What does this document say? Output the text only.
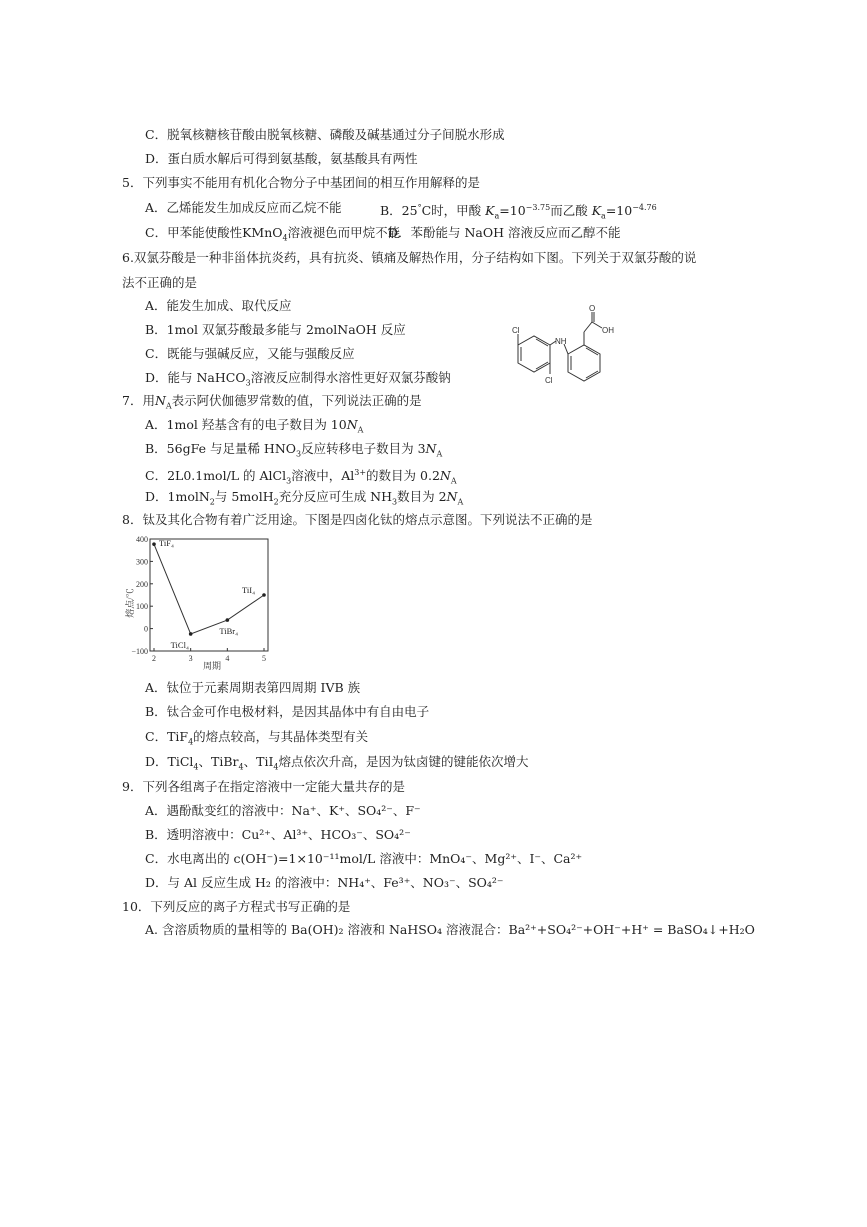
C．脱氧核糖核苷酸由脱氧核糖、磷酸及碱基通过分子间脱水形成
D．蛋白质水解后可得到氨基酸，氨基酸具有两性
5．下列事实不能用有机化合物分子中基团间的相互作用解释的是
A．乙烯能发生加成反应而乙烷不能	B．25°C时，甲酸 $K_a=10^{-3.75}$而乙酸 $K_a=10^{-4.76}$
C．甲苯能使酸性KMnO$_4$溶液褪色而甲烷不能
D．苯酚能与 NaOH 溶液反应而乙醇不能
6.双氯芬酸是一种非甾体抗炎药，具有抗炎、镇痛及解热作用，分子结构如下图。下列关于双氯芬酸的说
法不正确的是
A．能发生加成、取代反应
B．1mol 双氯芬酸最多能与 2molNaOH 反应
C．既能与强碱反应，又能与强酸反应
D．能与 NaHCO$_3$溶液反应制得水溶性更好双氯芬酸钠
Cl
Cl
NH
O
OH
7．用$N_A$表示阿伏伽德罗常数的值，下列说法正确的是
A．1mol 羟基含有的电子数目为 $10N_A$
B．56gFe 与足量稀 $HNO_3$反应转移电子数目为 $3N_A$
C．2L0.1mol/L 的 AlCl$_3$溶液中，$Al^{3+}$的数目为 $0.2N_A$
D．1molN$_2$与 5molH$_2$充分反应可生成 $NH_3$数目为 $2N_A$
8．钛及其化合物有着广泛用途。下图是四卤化钛的熔点示意图。下列说法不正确的是
400
300
200
100
0
−100
2	3	4	5
TiF₄
TiCl₄
TiBr₄
TiI₄
熔点/℃
周期
A．钛位于元素周期表第四周期 IVB 族
B．钛合金可作电极材料，是因其晶体中有自由电子
C．TiF$_4$的熔点较高，与其晶体类型有关
D．TiCl$_4$、TiBr$_4$、TiI$_4$熔点依次升高，是因为钛卤键的键能依次增大
9．下列各组离子在指定溶液中一定能大量共存的是
A．遇酚酞变红的溶液中：Na⁺、K⁺、SO₄²⁻、F⁻
B．透明溶液中：Cu²⁺、Al³⁺、HCO₃⁻、SO₄²⁻
C．水电离出的 c(OH⁻)=1×10⁻¹¹mol/L 溶液中：MnO₄⁻、Mg²⁺、I⁻、Ca²⁺
D．与 Al 反应生成 H₂ 的溶液中：NH₄⁺、Fe³⁺、NO₃⁻、SO₄²⁻
10．下列反应的离子方程式书写正确的是
A. 含溶质物质的量相等的 Ba(OH)₂ 溶液和 NaHSO₄ 溶液混合：Ba²⁺+SO₄²⁻+OH⁻+H⁺ = BaSO₄↓+H₂O
